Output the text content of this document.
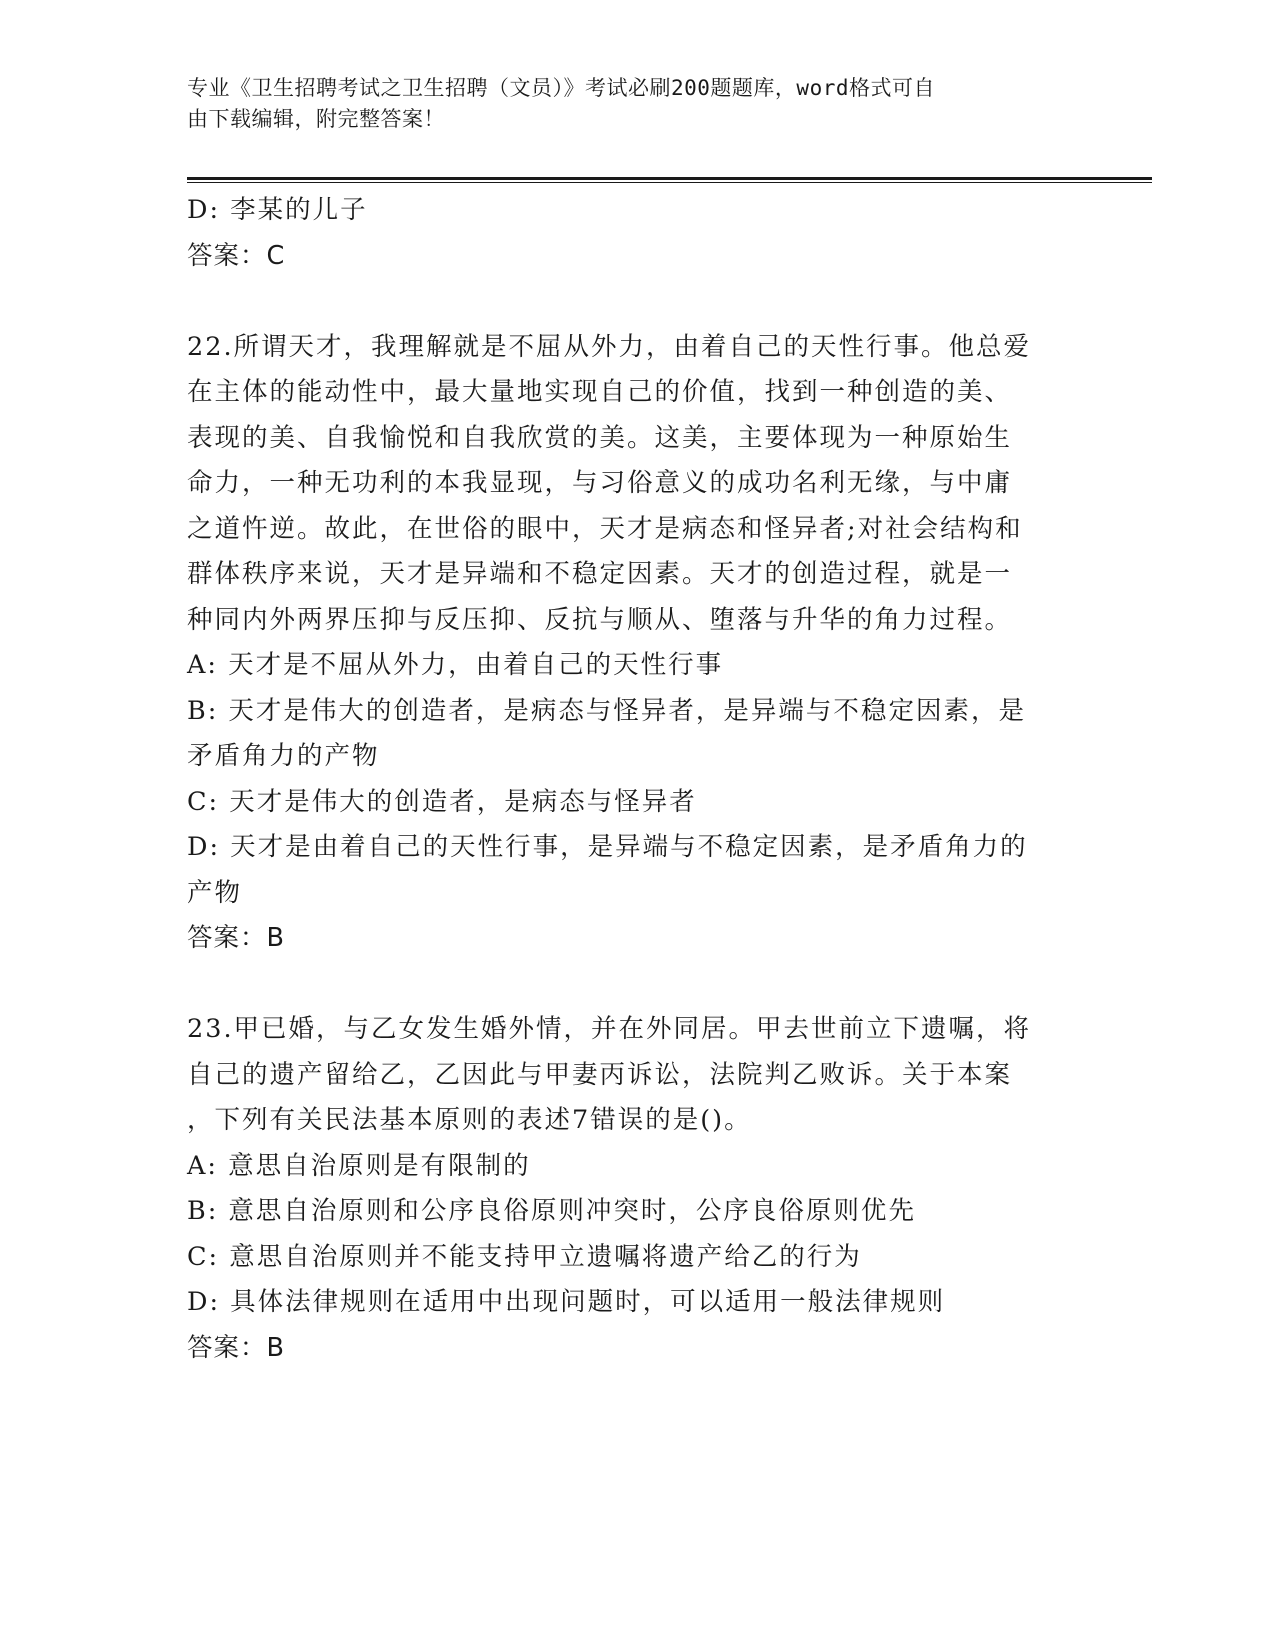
专业《卫生招聘考试之卫生招聘（文员）》考试必刷200题题库，word格式可自
由下载编辑，附完整答案！
D: 李某的儿子
答案：C
22.所谓天才，我理解就是不屈从外力，由着自己的天性行事。他总爱
在主体的能动性中，最大量地实现自己的价值，找到一种创造的美、
表现的美、自我愉悦和自我欣赏的美。这美，主要体现为一种原始生
命力，一种无功利的本我显现，与习俗意义的成功名利无缘，与中庸
之道忤逆。故此，在世俗的眼中，天才是病态和怪异者;对社会结构和
群体秩序来说，天才是异端和不稳定因素。天才的创造过程，就是一
种同内外两界压抑与反压抑、反抗与顺从、堕落与升华的角力过程。
A: 天才是不屈从外力，由着自己的天性行事
B: 天才是伟大的创造者，是病态与怪异者，是异端与不稳定因素，是
矛盾角力的产物
C: 天才是伟大的创造者，是病态与怪异者
D: 天才是由着自己的天性行事，是异端与不稳定因素，是矛盾角力的
产物
答案：B
23.甲已婚，与乙女发生婚外情，并在外同居。甲去世前立下遗嘱，将
自己的遗产留给乙，乙因此与甲妻丙诉讼，法院判乙败诉。关于本案
，下列有关民法基本原则的表述7错误的是()。
A: 意思自治原则是有限制的
B: 意思自治原则和公序良俗原则冲突时，公序良俗原则优先
C: 意思自治原则并不能支持甲立遗嘱将遗产给乙的行为
D: 具体法律规则在适用中出现问题时，可以适用一般法律规则
答案：B
